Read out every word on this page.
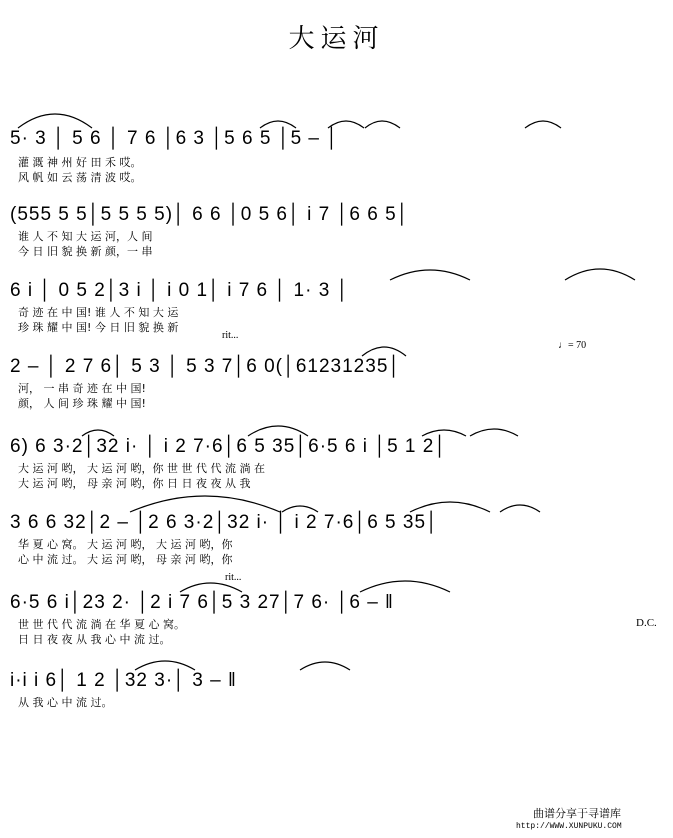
大运河
5· 3 │ 5 6 │ 7 6 │6 3 │5 6 5 │5 – │
灌 溉 神 州 好 田 禾 哎。
风 帆 如 云 荡 清 波 哎。
(555 5 5│5 5 5 5)│ 6 6 │0 5 6│ i 7 │6 6 5│
谁 人 不 知 大 运 河，人 间
今 日 旧 貌 换 新 颜，一 串
6 i │ 0 5 2│3 i │ i 0 1│ i 7 6 │ 1· 3 │
奇 迹 在 中 国! 谁 人 不 知 大 运
珍 珠 耀 中 国! 今 日 旧 貌 换 新
rit...
2 – │ 2 7 6│ 5 3 │ 5 3 7│6 0(│61231235│
河， 一 串 奇 迹 在 中 国!
颜， 人 间 珍 珠 耀 中 国!
♩= 70
6) 6 3·2│32 i· │ i 2 7·6│6 5 35│6·5 6 i │5 1 2│
大 运 河 哟， 大 运 河 哟，你 世 世 代 代 流 淌 在
大 运 河 哟， 母 亲 河 哟，你 日 日 夜 夜 从 我
3 6 6 32│2 – │2 6 3·2│32 i· │ i 2 7·6│6 5 35│
华 夏 心 窝。 大 运 河 哟， 大 运 河 哟，你
心 中 流 过。 大 运 河 哟， 母 亲 河 哟，你
6·5 6 i│23 2· │2 i 7 6│5 3 27│7 6· │6 – ‖
世 世 代 代 流 淌 在 华 夏 心 窝。
日 日 夜 夜 从 我 心 中 流 过。
rit...
D.C.
i·i i 6│ 1 2 │32 3·│ 3 – ‖
从 我 心 中 流 过。
曲谱分享于寻谱库
http://WWW.XUNPUKU.COM
